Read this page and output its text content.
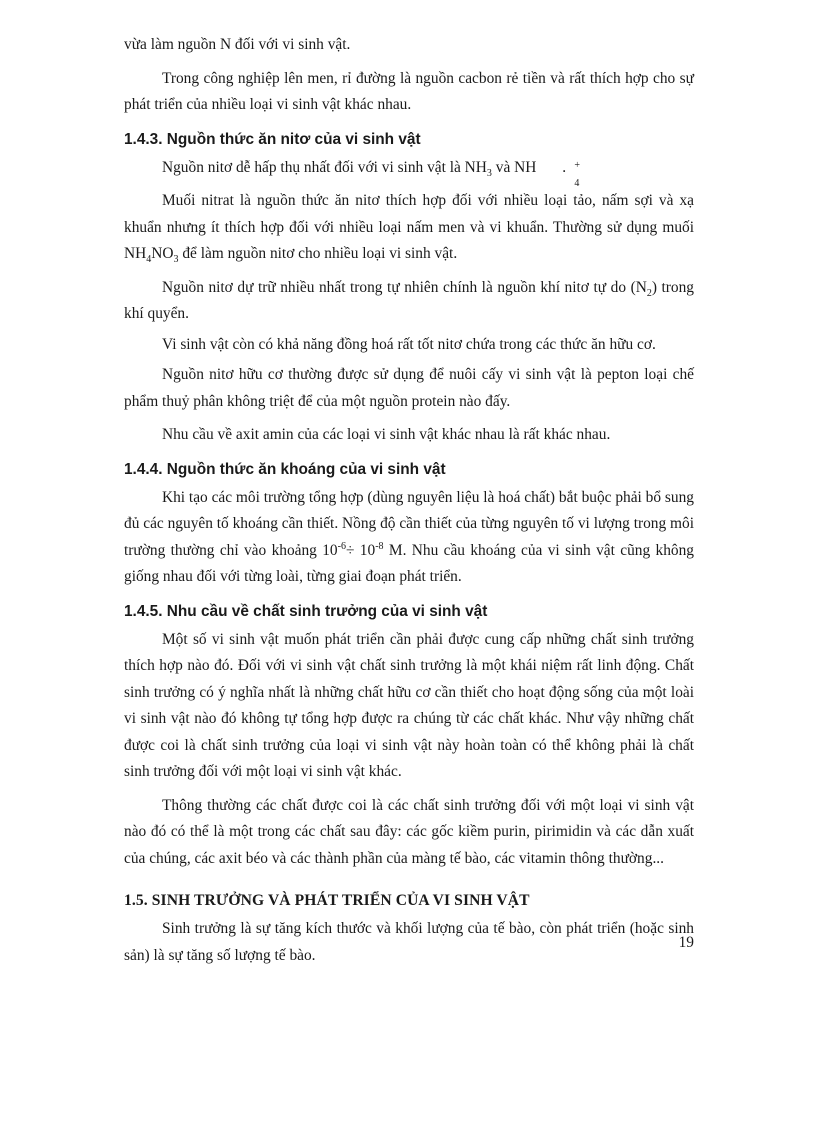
vừa làm nguồn N đối với vi sinh vật.

Trong công nghiệp lên men, rỉ đường là nguồn cacbon rẻ tiền và rất thích hợp cho sự phát triển của nhiều loại vi sinh vật khác nhau.

1.4.3. Nguồn thức ăn nitơ của vi sinh vật

Nguồn nitơ dễ hấp thụ nhất đối với vi sinh vật là $NH_3$ và NH	+
4
.

Muối nitrat là nguồn thức ăn nitơ thích hợp đối với nhiều loại tảo, nấm sợi và xạ khuẩn nhưng ít thích hợp đối với nhiều loại nấm men và vi khuẩn. Thường sử dụng muối $NH_4NO_3$ để làm nguồn nitơ cho nhiều loại vi sinh vật.

Nguồn nitơ dự trữ nhiều nhất trong tự nhiên chính là nguồn khí nitơ tự do $(N_2)$ trong khí quyển.

Vi sinh vật còn có khả năng đồng hoá rất tốt nitơ chứa trong các thức ăn hữu cơ.

Nguồn nitơ hữu cơ thường được sử dụng để nuôi cấy vi sinh vật là pepton loại chế phẩm thuỷ phân không triệt để của một nguồn protein nào đấy.

Nhu cầu về axit amin của các loại vi sinh vật khác nhau là rất khác nhau.

1.4.4. Nguồn thức ăn khoáng của vi sinh vật

Khi tạo các môi trường tổng hợp (dùng nguyên liệu là hoá chất) bắt buộc phải bổ sung đủ các nguyên tố khoáng cần thiết. Nồng độ cần thiết của từng nguyên tố vi lượng trong môi trường thường chỉ vào khoảng $10^{-6}\div 10^{-8}$ M. Nhu cầu khoáng của vi sinh vật cũng không giống nhau đối với từng loài, từng giai đoạn phát triển.

1.4.5. Nhu cầu về chất sinh trưởng của vi sinh vật

Một số vi sinh vật muốn phát triển cần phải được cung cấp những chất sinh trưởng thích hợp nào đó. Đối với vi sinh vật chất sinh trưởng là một khái niệm rất linh động. Chất sinh trưởng có ý nghĩa nhất là những chất hữu cơ cần thiết cho hoạt động sống của một loài vi sinh vật nào đó không tự tổng hợp được ra chúng từ các chất khác. Như vậy những chất được coi là chất sinh trưởng của loại vi sinh vật này hoàn toàn có thể không phải là chất sinh trưởng đối với một loại vi sinh vật khác.

Thông thường các chất được coi là các chất sinh trưởng đối với một loại vi sinh vật nào đó có thể là một trong các chất sau đây: các gốc kiềm purin, pirimidin và các dẫn xuất của chúng, các axit béo và các thành phần của màng tế bào, các vitamin thông thường...

1.5. SINH TRƯỞNG VÀ PHÁT TRIỂN CỦA VI SINH VẬT

Sinh trưởng là sự tăng kích thước và khối lượng của tế bào, còn phát triển (hoặc sinh sản) là sự tăng số lượng tế bào.

19
